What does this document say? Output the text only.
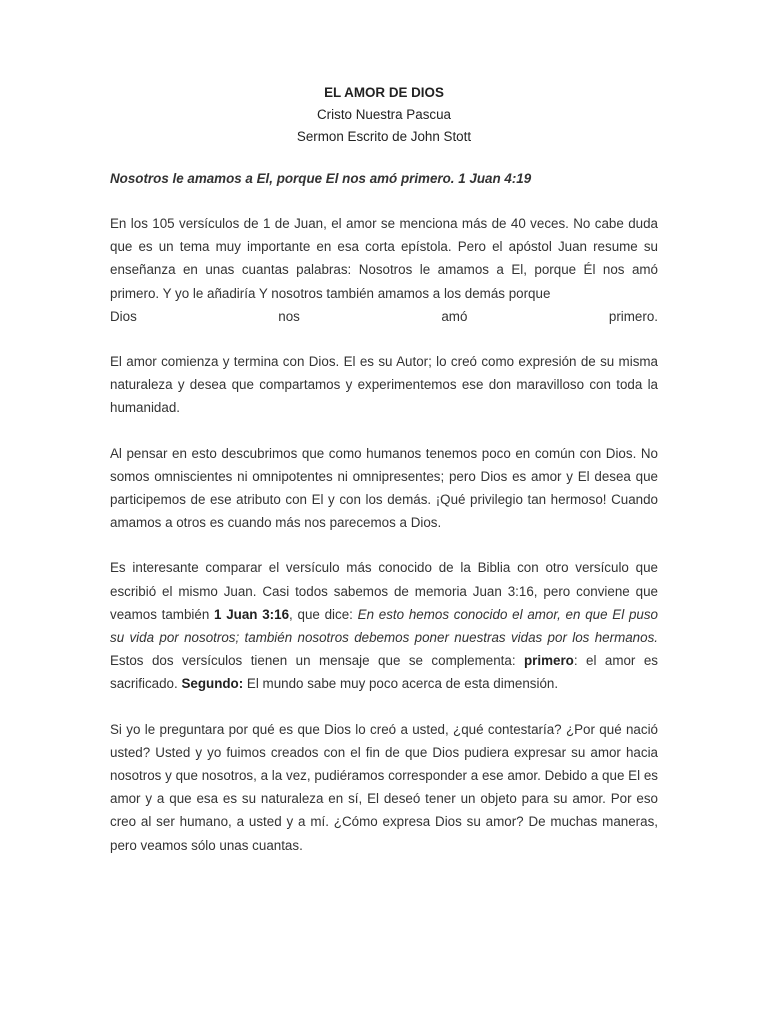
EL AMOR DE DIOS
Cristo Nuestra Pascua
Sermon Escrito de John Stott
Nosotros le amamos a El, porque El nos amó primero. 1 Juan 4:19
En los 105 versículos de 1 de Juan, el amor se menciona más de 40 veces. No cabe duda que es un tema muy importante en esa corta epístola. Pero el apóstol Juan resume su enseñanza en unas cuantas palabras: Nosotros le amamos a El, porque Él nos amó primero. Y yo le añadiría Y nosotros también amamos a los demás porque
Dios nos amó primero.
El amor comienza y termina con Dios. El es su Autor; lo creó como expresión de su misma naturaleza y desea que compartamos y experimentemos ese don maravilloso con toda la humanidad.
Al pensar en esto descubrimos que como humanos tenemos poco en común con Dios. No somos omniscientes ni omnipotentes ni omnipresentes; pero Dios es amor y El desea que participemos de ese atributo con El y con los demás. ¡Qué privilegio tan hermoso! Cuando amamos a otros es cuando más nos parecemos a Dios.
Es interesante comparar el versículo más conocido de la Biblia con otro versículo que escribió el mismo Juan. Casi todos sabemos de memoria Juan 3:16, pero conviene que veamos también 1 Juan 3:16, que dice: En esto hemos conocido el amor, en que El puso su vida por nosotros; también nosotros debemos poner nuestras vidas por los hermanos. Estos dos versículos tienen un mensaje que se complementa: primero: el amor es sacrificado. Segundo: El mundo sabe muy poco acerca de esta dimensión.
Si yo le preguntara por qué es que Dios lo creó a usted, ¿qué contestaría? ¿Por qué nació usted? Usted y yo fuimos creados con el fin de que Dios pudiera expresar su amor hacia nosotros y que nosotros, a la vez, pudiéramos corresponder a ese amor. Debido a que El es amor y a que esa es su naturaleza en sí, El deseó tener un objeto para su amor. Por eso creo al ser humano, a usted y a mí. ¿Cómo expresa Dios su amor? De muchas maneras, pero veamos sólo unas cuantas.
